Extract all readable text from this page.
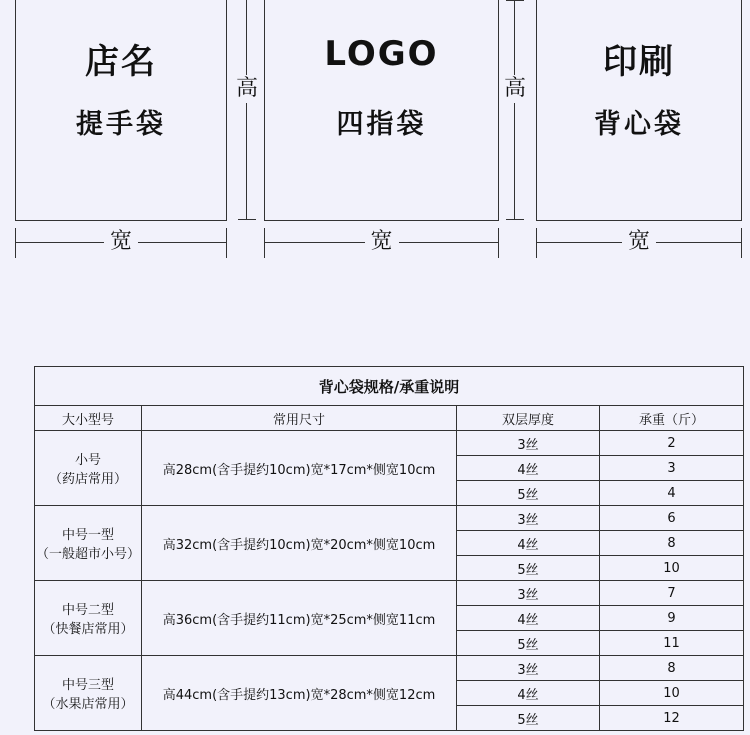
店名
提手袋
高
LOGO
四指袋
高
印刷
背心袋
宽	宽	宽
背心袋规格/承重说明			
大小型号	常用尺寸	双层厚度	承重（斤）

小号
（药店常用）	高28cm(含手提约10cm)宽*17cm*侧宽10cm	3丝	2
		4丝	3
		5丝	4

中号一型
（一般超市小号）	高32cm(含手提约10cm)宽*20cm*侧宽10cm	3丝	6
		4丝	8
		5丝	10

中号二型
（快餐店常用）	高36cm(含手提约11cm)宽*25cm*侧宽11cm	3丝	7
		4丝	9
		5丝	11

中号三型
（水果店常用）	高44cm(含手提约13cm)宽*28cm*侧宽12cm	3丝	8
		4丝	10
		5丝	12
